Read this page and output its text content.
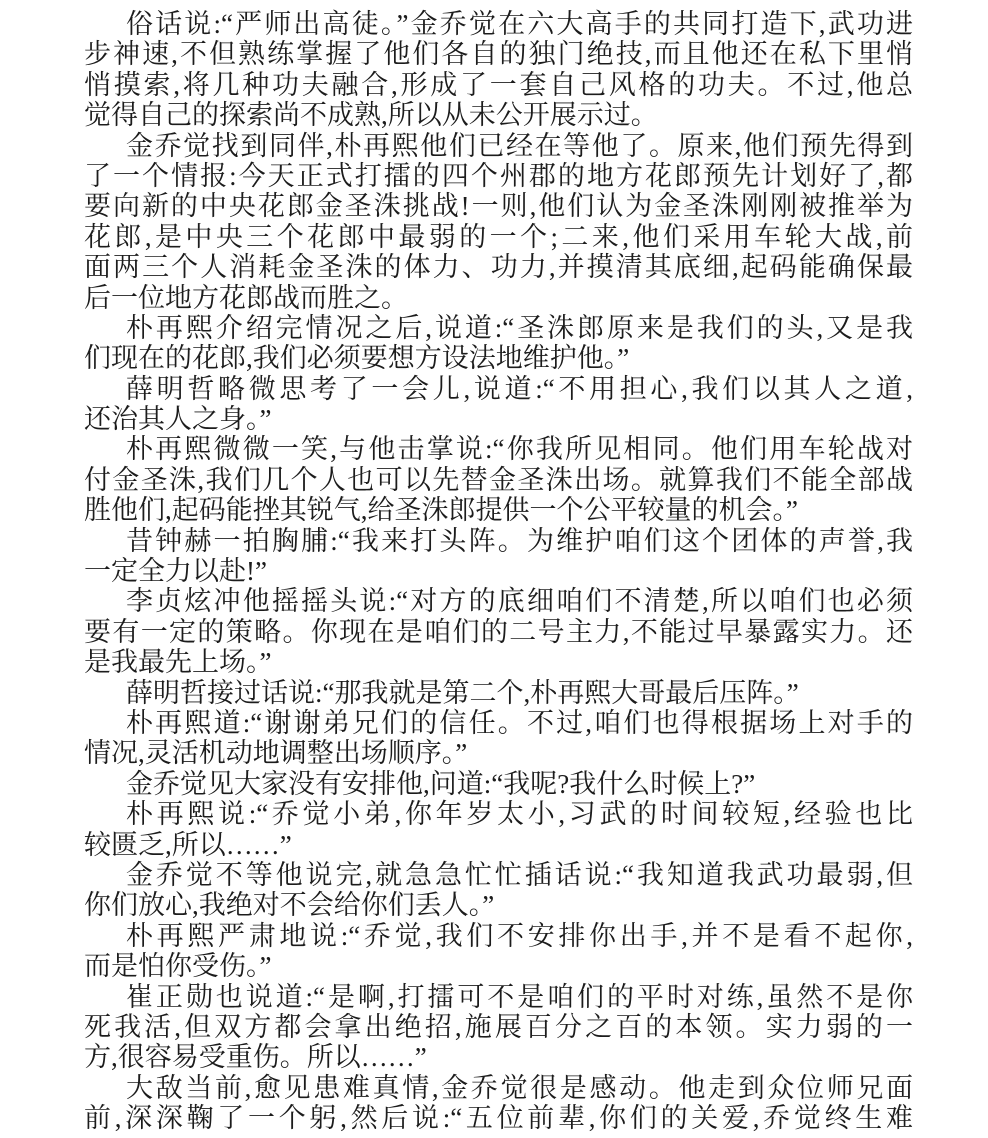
俗话说:“严师出高徒。”金乔觉在六大高手的共同打造下,武功进
步神速,不但熟练掌握了他们各自的独门绝技,而且他还在私下里悄
悄摸索,将几种功夫融合,形成了一套自己风格的功夫。不过,他总
觉得自己的探索尚不成熟,所以从未公开展示过。
金乔觉找到同伴,朴再熙他们已经在等他了。原来,他们预先得到
了一个情报:今天正式打擂的四个州郡的地方花郎预先计划好了,都
要向新的中央花郎金圣洙挑战!一则,他们认为金圣洙刚刚被推举为
花郎,是中央三个花郎中最弱的一个;二来,他们采用车轮大战,前
面两三个人消耗金圣洙的体力、功力,并摸清其底细,起码能确保最
后一位地方花郎战而胜之。
朴再熙介绍完情况之后,说道:“圣洙郎原来是我们的头,又是我
们现在的花郎,我们必须要想方设法地维护他。”
薛明哲略微思考了一会儿,说道:“不用担心,我们以其人之道,
还治其人之身。”
朴再熙微微一笑,与他击掌说:“你我所见相同。他们用车轮战对
付金圣洙,我们几个人也可以先替金圣洙出场。就算我们不能全部战
胜他们,起码能挫其锐气,给圣洙郎提供一个公平较量的机会。”
昔钟赫一拍胸脯:“我来打头阵。为维护咱们这个团体的声誉,我
一定全力以赴!”
李贞炫冲他摇摇头说:“对方的底细咱们不清楚,所以咱们也必须
要有一定的策略。你现在是咱们的二号主力,不能过早暴露实力。还
是我最先上场。”
薛明哲接过话说:“那我就是第二个,朴再熙大哥最后压阵。”
朴再熙道:“谢谢弟兄们的信任。不过,咱们也得根据场上对手的
情况,灵活机动地调整出场顺序。”
金乔觉见大家没有安排他,问道:“我呢?我什么时候上?”
朴再熙说:“乔觉小弟,你年岁太小,习武的时间较短,经验也比
较匮乏,所以……”
金乔觉不等他说完,就急急忙忙插话说:“我知道我武功最弱,但
你们放心,我绝对不会给你们丢人。”
朴再熙严肃地说:“乔觉,我们不安排你出手,并不是看不起你,
而是怕你受伤。”
崔正勋也说道:“是啊,打擂可不是咱们的平时对练,虽然不是你
死我活,但双方都会拿出绝招,施展百分之百的本领。实力弱的一
方,很容易受重伤。所以……”
大敌当前,愈见患难真情,金乔觉很是感动。他走到众位师兄面
前,深深鞠了一个躬,然后说:“五位前辈,你们的关爱,乔觉终生难
